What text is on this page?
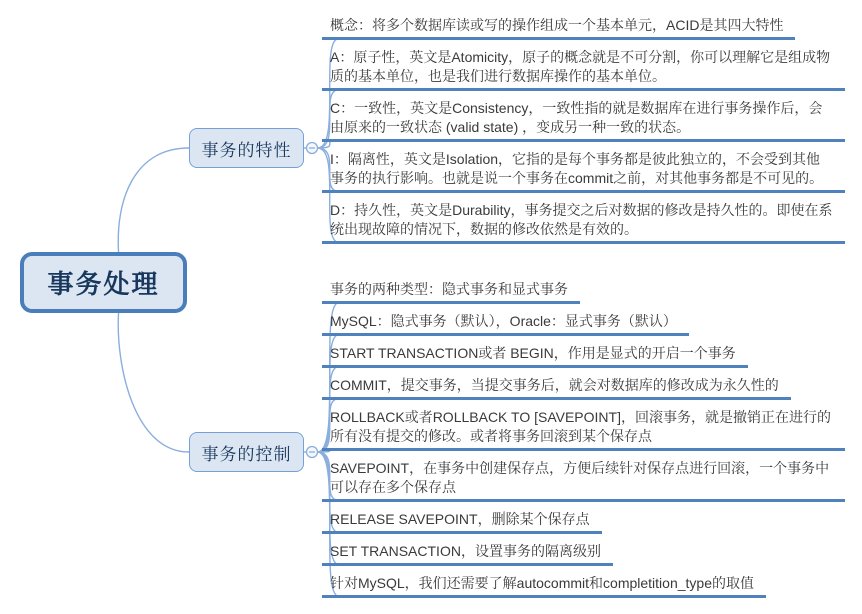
事务处理
事务的特性
事务的控制
概念：将多个数据库读或写的操作组成一个基本单元，ACID是其四大特性
A：原子性，英文是Atomicity，原子的概念就是不可分割，你可以理解它是组成物质的基本单位，也是我们进行数据库操作的基本单位。
C：一致性，英文是Consistency，一致性指的就是数据库在进行事务操作后，会由原来的一致状态 (valid state) ，变成另一种一致的状态。
I：隔离性，英文是Isolation，它指的是每个事务都是彼此独立的，不会受到其他事务的执行影响。也就是说一个事务在commit之前，对其他事务都是不可见的。
D：持久性，英文是Durability，事务提交之后对数据的修改是持久性的。即使在系统出现故障的情况下，数据的修改依然是有效的。
事务的两种类型：隐式事务和显式事务
MySQL：隐式事务（默认），Oracle：显式事务（默认）
START TRANSACTION或者 BEGIN，作用是显式的开启一个事务
COMMIT，提交事务，当提交事务后，就会对数据库的修改成为永久性的
ROLLBACK或者ROLLBACK TO [SAVEPOINT]，回滚事务，就是撤销正在进行的所有没有提交的修改。或者将事务回滚到某个保存点
SAVEPOINT，在事务中创建保存点，方便后续针对保存点进行回滚，一个事务中可以存在多个保存点
RELEASE SAVEPOINT，删除某个保存点
SET TRANSACTION，设置事务的隔离级别
针对MySQL，我们还需要了解autocommit和completition_type的取值
